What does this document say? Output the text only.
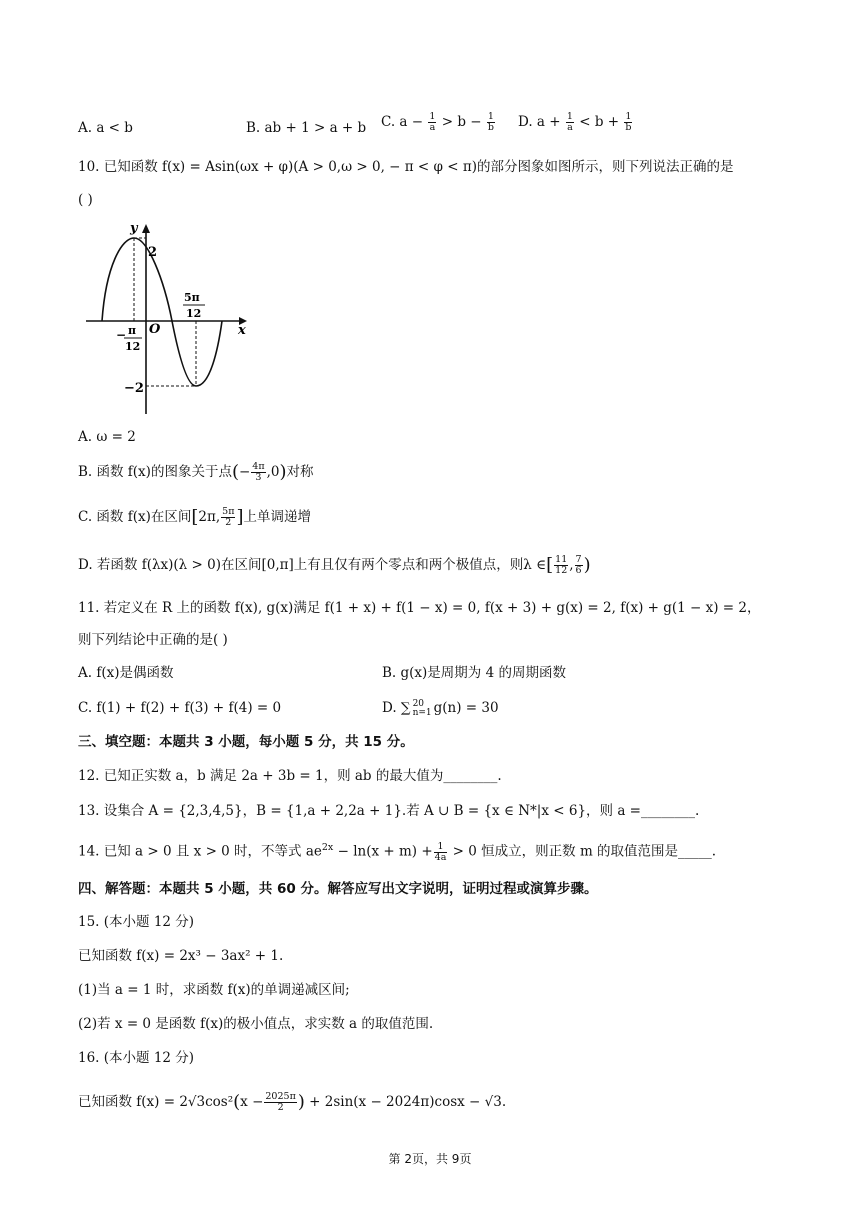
A. a < b	B. ab + 1 > a + b C. $a - \frac{1}{a} > b - \frac{1}{b} D$. $a + \frac{1}{a} < b + \frac{1}{b}$
10. 已知函数 f(x) = Asin(ωx + φ)(A > 0,ω > 0, − π < φ < π)的部分图象如图所示，则下列说法正确的是
( )
y
x
O
2
−2
− π
12
5π
12
A. ω = 2
B. 函数 f(x)的图象关于点(− $\frac{4\pi}{3} ,0$)对称
C. 函数 f(x)在区间[2π, $\frac{5\pi}{2}$ ]上单调递增
D. 若函数 f(λx)(λ > 0)在区间[0,π]上有且仅有两个零点和两个极值点，则λ ∈[ $\frac{11}{12}$ , $\frac{7}{6}$ )
11. 若定义在 R 上的函数 f(x), g(x)满足 f(1 + x) + f(1 − x) = 0, f(x + 3) + g(x) = 2, f(x) + g(1 − x) = 2，
则下列结论中正确的是( )
A. f(x)是偶函数	B. g(x)是周期为 4 的周期函数
C. f(1) + f(2) + f(3) + f(4) = 0	D. ∑ 20
n=1 g(n) = 30
三、填空题：本题共 3 小题，每小题 5 分，共 15 分。
12. 已知正实数 a，b 满足 2a + 3b = 1，则 ab 的最大值为________.
13. 设集合 A = {2,3,4,5}，B = {1,a + 2,2a + 1}.若 A ∪ B = {x ∈ N*|x < 6}，则 a =________.
14. 已知 a > 0 且 x > 0 时，不等式 $ae^{2x} - \ln(x + m) + \frac{1}{4a} > 0$ 恒成立，则正数 m 的取值范围是_____.
四、解答题：本题共 5 小题，共 60 分。解答应写出文字说明，证明过程或演算步骤。
15. (本小题 12 分)
已知函数 f(x) = 2x³ − 3ax² + 1.
(1)当 a = 1 时，求函数 f(x)的单调递减区间;
(2)若 x = 0 是函数 f(x)的极小值点，求实数 a 的取值范围.
16. (本小题 12 分)
已知函数 $f(x) = 2√3\cos^2(x - \frac{2025\pi}{2}$ ) + 2sin(x − 2024π)cosx − √3.
第 2页，共 9页
